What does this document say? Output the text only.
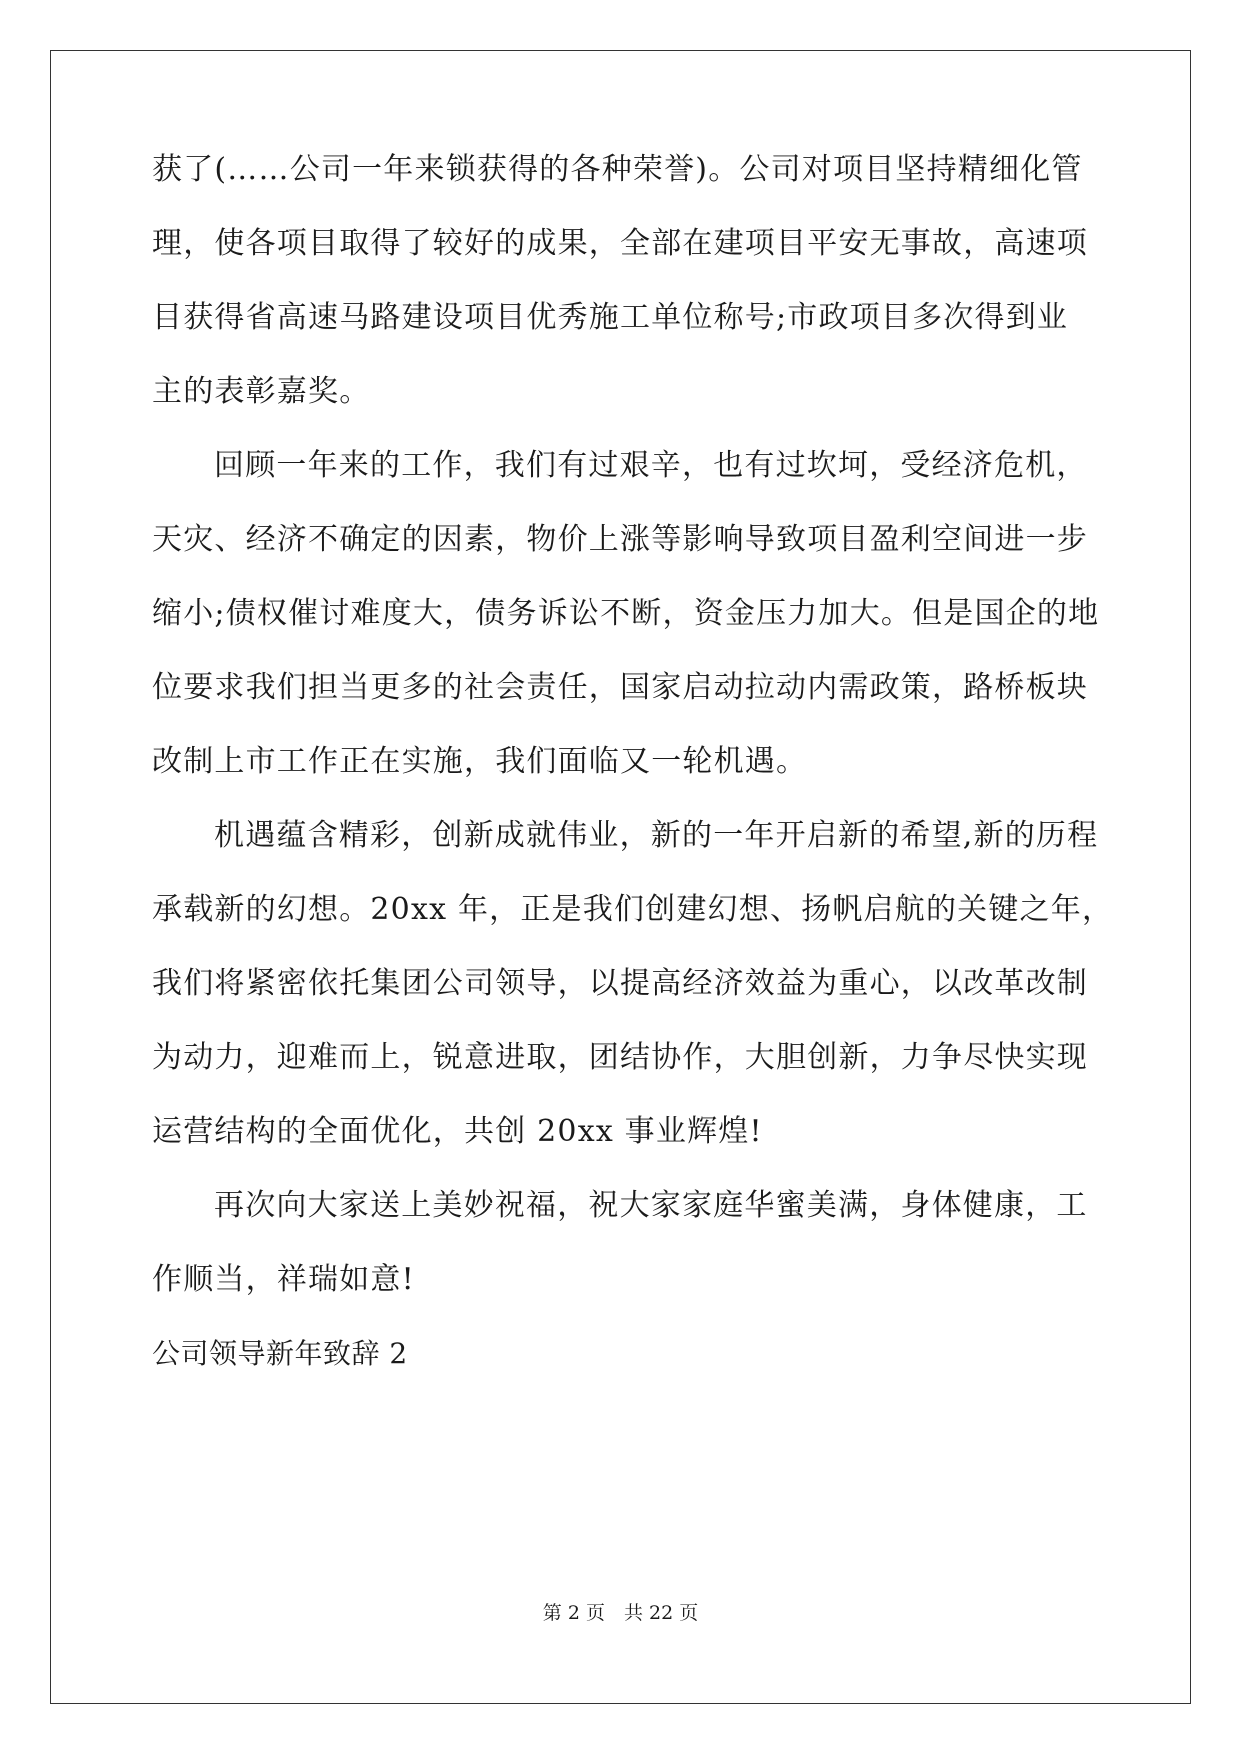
获了(……公司一年来锁获得的各种荣誉)。公司对项目坚持精细化管
理，使各项目取得了较好的成果，全部在建项目平安无事故，高速项
目获得省高速马路建设项目优秀施工单位称号;市政项目多次得到业
主的表彰嘉奖。
回顾一年来的工作，我们有过艰辛，也有过坎坷，受经济危机，
天灾、经济不确定的因素，物价上涨等影响导致项目盈利空间进一步
缩小;债权催讨难度大，债务诉讼不断，资金压力加大。但是国企的地
位要求我们担当更多的社会责任，国家启动拉动内需政策，路桥板块
改制上市工作正在实施，我们面临又一轮机遇。
机遇蕴含精彩，创新成就伟业，新的一年开启新的希望,新的历程
承载新的幻想。20xx 年，正是我们创建幻想、扬帆启航的关键之年，
我们将紧密依托集团公司领导，以提高经济效益为重心，以改革改制
为动力，迎难而上，锐意进取，团结协作，大胆创新，力争尽快实现
运营结构的全面优化，共创 20xx 事业辉煌!
再次向大家送上美妙祝福，祝大家家庭华蜜美满，身体健康，工
作顺当，祥瑞如意!
公司领导新年致辞 2
第 2 页　共 22 页
